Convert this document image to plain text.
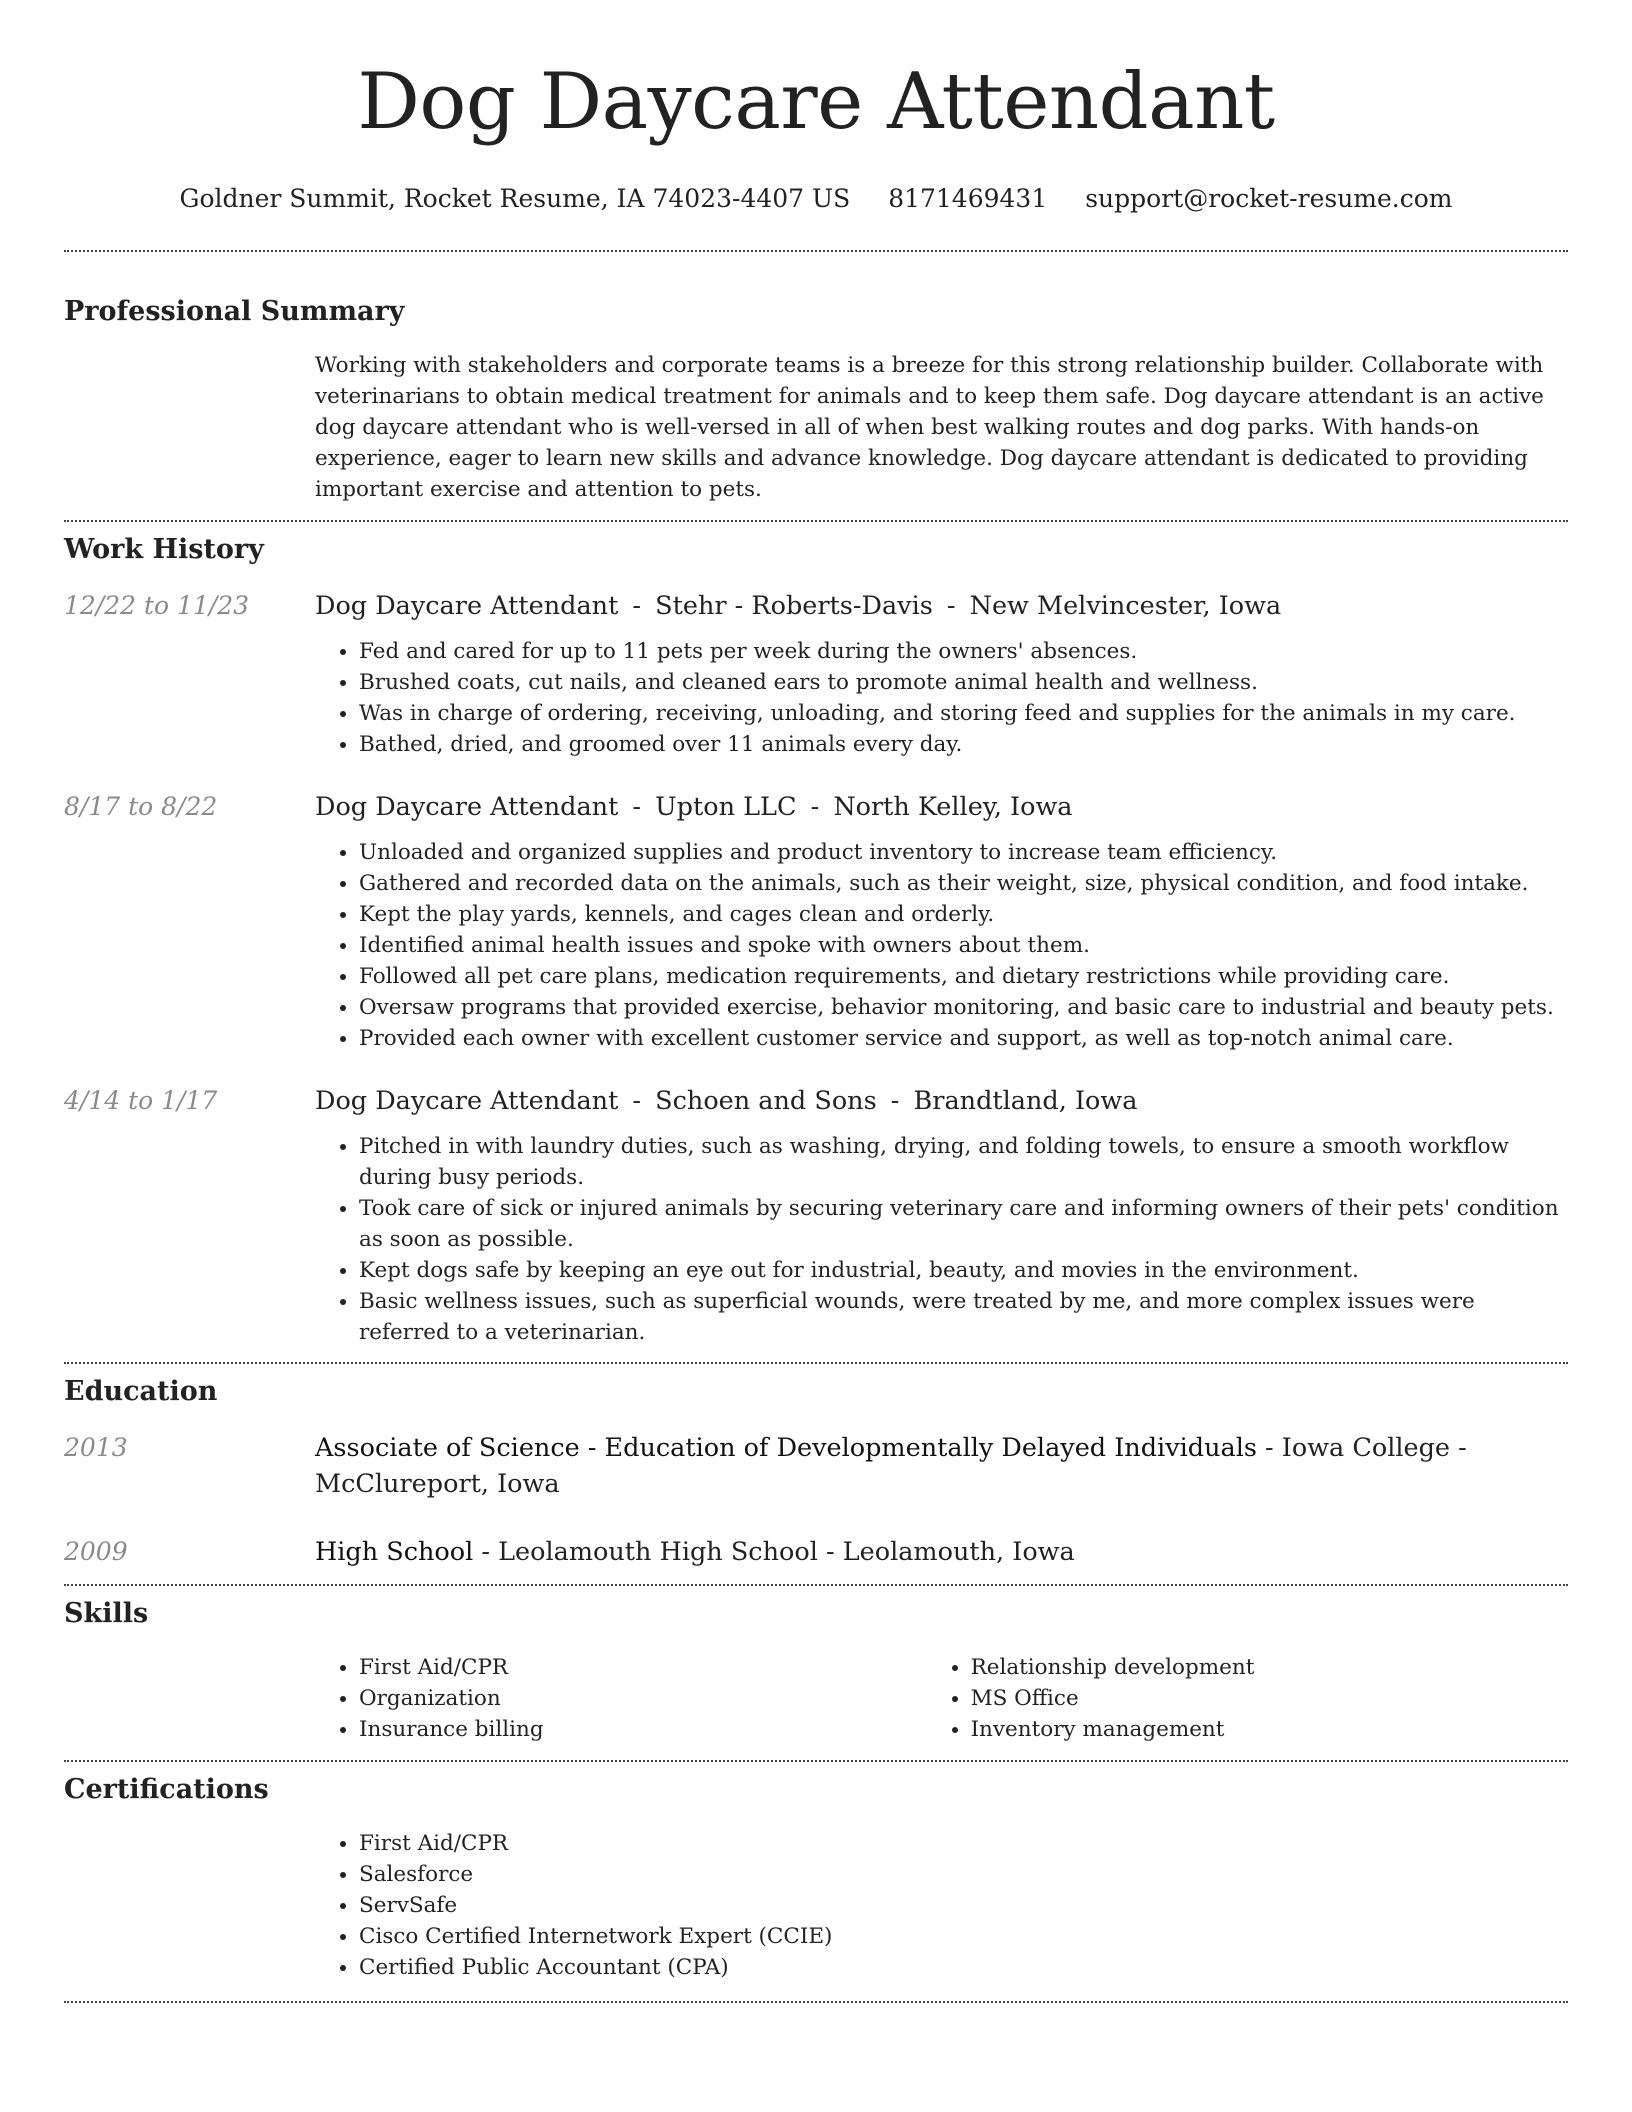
Dog Daycare Attendant
Goldner Summit, Rocket Resume, IA 74023-4407 US 8171469431 support@rocket-resume.com
Professional Summary

Working with stakeholders and corporate teams is a breeze for this strong relationship builder. Collaborate with veterinarians to obtain medical treatment for animals and to keep them safe. Dog daycare attendant is an active dog daycare attendant who is well-versed in all of when best walking routes and dog parks. With hands-on experience, eager to learn new skills and advance knowledge. Dog daycare attendant is dedicated to providing important exercise and attention to pets.

Work History
12/22 to 11/23	Dog Daycare Attendant - Stehr - Roberts-Davis - New Melvincester, Iowa

• Fed and cared for up to 11 pets per week during the owners' absences.
• Brushed coats, cut nails, and cleaned ears to promote animal health and wellness.
• Was in charge of ordering, receiving, unloading, and storing feed and supplies for the animals in my care.
• Bathed, dried, and groomed over 11 animals every day.
8/17 to 8/22	Dog Daycare Attendant - Upton LLC - North Kelley, Iowa

• Unloaded and organized supplies and product inventory to increase team efficiency.
• Gathered and recorded data on the animals, such as their weight, size, physical condition, and food intake.
• Kept the play yards, kennels, and cages clean and orderly.
• Identified animal health issues and spoke with owners about them.
• Followed all pet care plans, medication requirements, and dietary restrictions while providing care.
• Oversaw programs that provided exercise, behavior monitoring, and basic care to industrial and beauty pets.
• Provided each owner with excellent customer service and support, as well as top-notch animal care.
4/14 to 1/17	Dog Daycare Attendant - Schoen and Sons - Brandtland, Iowa

• Pitched in with laundry duties, such as washing, drying, and folding towels, to ensure a smooth workflow during busy periods.
• Took care of sick or injured animals by securing veterinary care and informing owners of their pets' condition as soon as possible.
• Kept dogs safe by keeping an eye out for industrial, beauty, and movies in the environment.
• Basic wellness issues, such as superficial wounds, were treated by me, and more complex issues were referred to a veterinarian.
Education
2013	Associate of Science - Education of Developmentally Delayed Individuals - Iowa College - McClureport, Iowa

2009	High School - Leolamouth High School - Leolamouth, Iowa

Skills
• First Aid/CPR
• Organization
• Insurance billing
• Relationship development
• MS Office
• Inventory management
Certifications
• First Aid/CPR
• Salesforce
• ServSafe
• Cisco Certified Internetwork Expert (CCIE)
• Certified Public Accountant (CPA)
